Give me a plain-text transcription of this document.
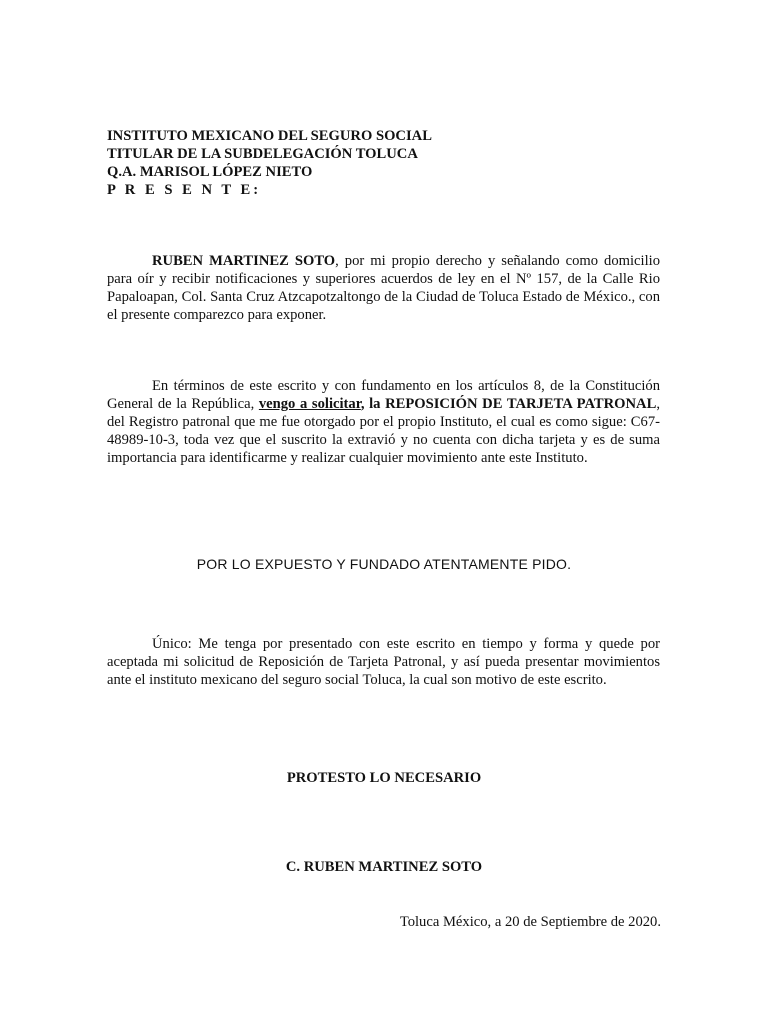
INSTITUTO MEXICANO DEL SEGURO SOCIAL
TITULAR DE LA SUBDELEGACIÓN TOLUCA
Q.A. MARISOL LÓPEZ NIETO
P R E S E N T E:
RUBEN MARTINEZ SOTO, por mi propio derecho y señalando como domicilio para oír y recibir notificaciones y superiores acuerdos de ley en el Nº 157, de la Calle Rio Papaloapan, Col. Santa Cruz Atzcapotzaltongo de la Ciudad de Toluca Estado de México., con el presente comparezco para exponer.
En términos de este escrito y con fundamento en los artículos 8, de la Constitución General de la República, vengo a solicitar, la REPOSICIÓN DE TARJETA PATRONAL, del Registro patronal que me fue otorgado por el propio Instituto, el cual es como sigue: C67-48989-10-3, toda vez que el suscrito la extravió y no cuenta con dicha tarjeta y es de suma importancia para identificarme y realizar cualquier movimiento ante este Instituto.
POR LO EXPUESTO Y FUNDADO ATENTAMENTE PIDO.
Único: Me tenga por presentado con este escrito en tiempo y forma y quede por aceptada mi solicitud de Reposición de Tarjeta Patronal, y así pueda presentar movimientos ante el instituto mexicano del seguro social Toluca, la cual son motivo de este escrito.
PROTESTO LO NECESARIO
C. RUBEN MARTINEZ SOTO
Toluca México, a 20 de Septiembre de 2020.
